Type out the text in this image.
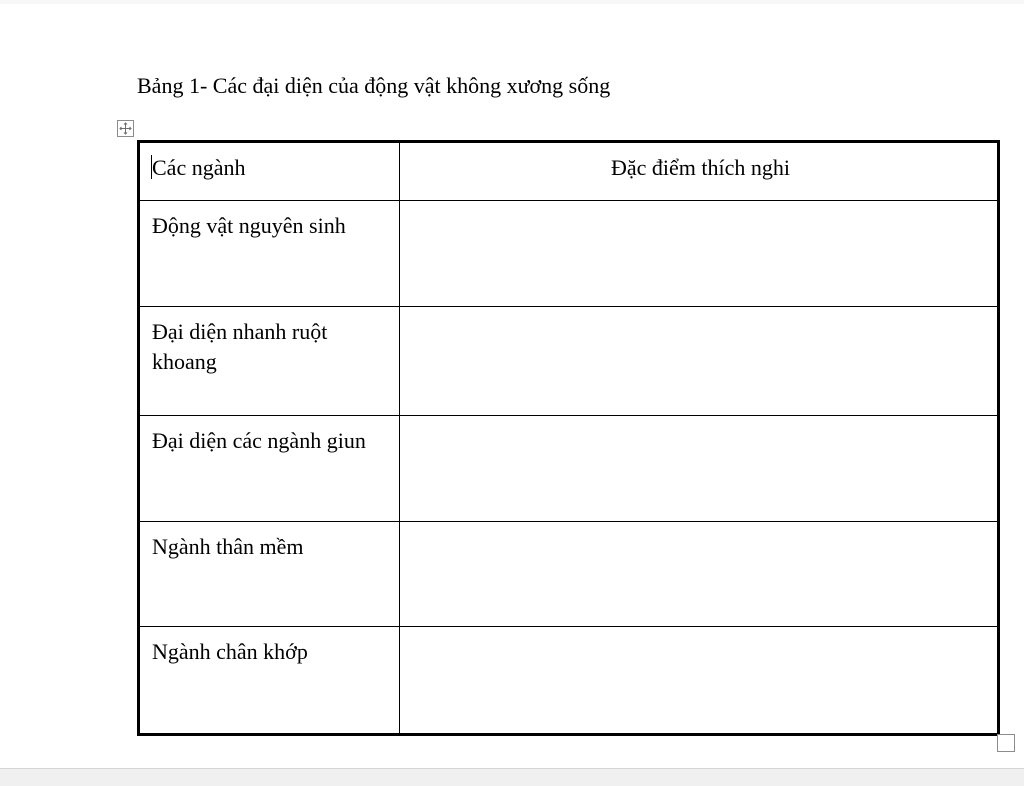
Bảng 1- Các đại diện của động vật không xương sống
Các ngành	Đặc điểm thích nghi
Động vật nguyên sinh	
Đại diện nhanh ruột khoang	
Đại diện các ngành giun	
Ngành thân mềm	
Ngành chân khớp	
